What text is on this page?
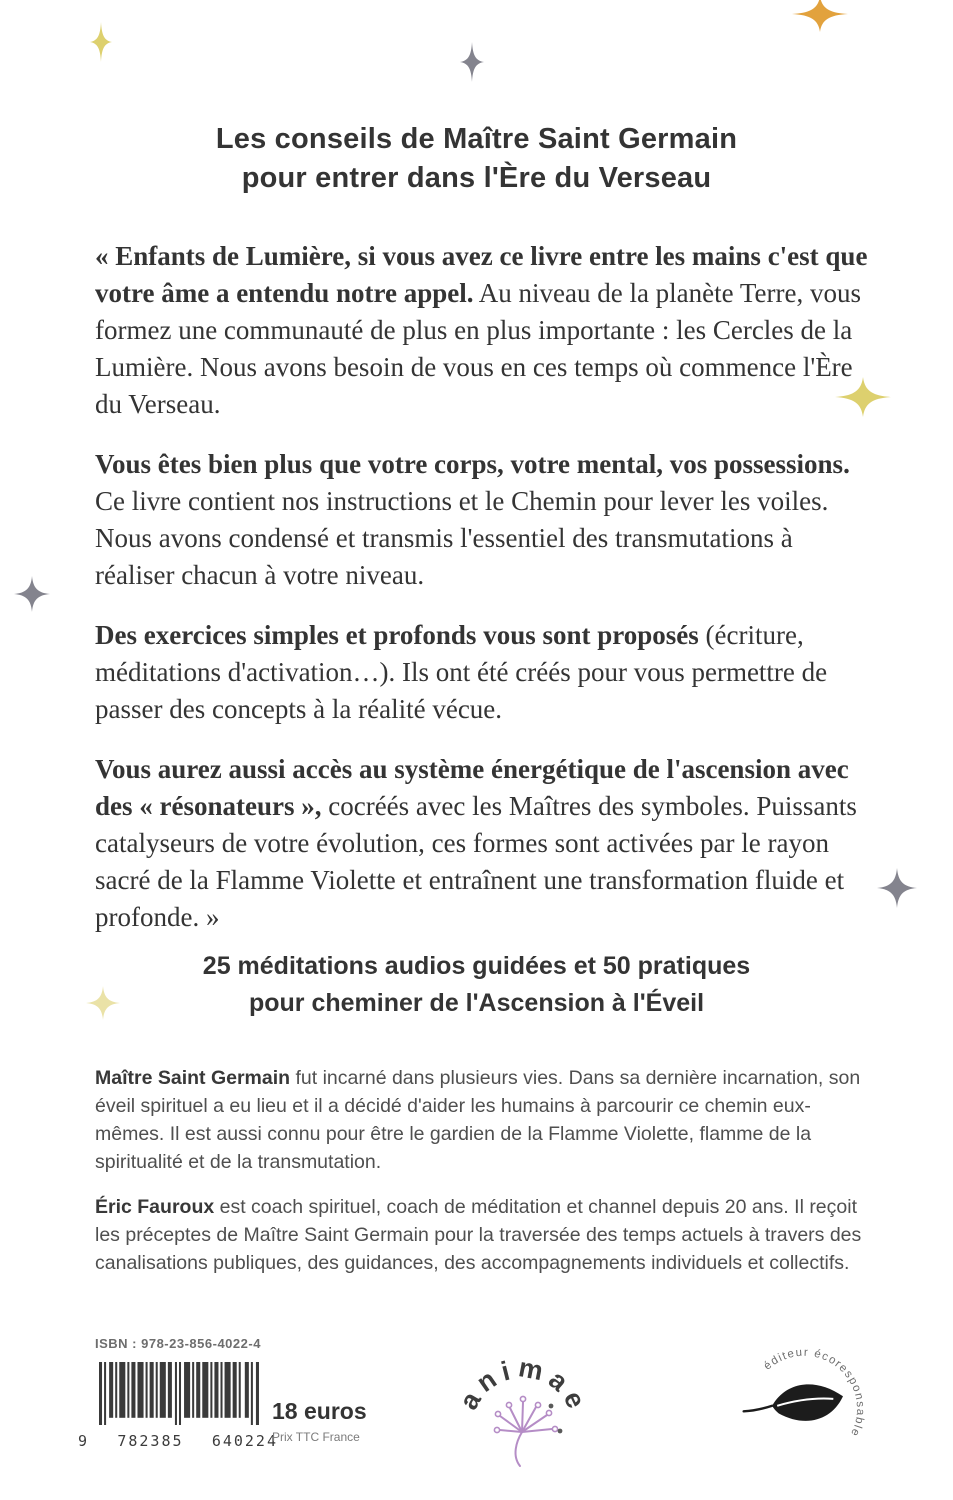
Les conseils de Maître Saint Germain
pour entrer dans l'Ère du Verseau

« Enfants de Lumière, si vous avez ce livre entre les mains c'est que votre âme a entendu notre appel. Au niveau de la planète Terre, vous formez une communauté de plus en plus importante : les Cercles de la Lumière. Nous avons besoin de vous en ces temps où commence l'Ère du Verseau.

Vous êtes bien plus que votre corps, votre mental, vos possessions. Ce livre contient nos instructions et le Chemin pour lever les voiles. Nous avons condensé et transmis l'essentiel des transmutations à réaliser chacun à votre niveau.

Des exercices simples et profonds vous sont proposés (écriture, méditations d'activation…). Ils ont été créés pour vous permettre de passer des concepts à la réalité vécue.

Vous aurez aussi accès au système énergétique de l'ascension avec des « résonateurs », cocréés avec les Maîtres des symboles. Puissants catalyseurs de votre évolution, ces formes sont activées par le rayon sacré de la Flamme Violette et entraînent une transformation fluide et profonde. »

25 méditations audios guidées et 50 pratiques
pour cheminer de l'Ascension à l'Éveil

Maître Saint Germain fut incarné dans plusieurs vies. Dans sa dernière incarnation, son éveil spirituel a eu lieu et il a décidé d'aider les humains à parcourir ce chemin eux-mêmes. Il est aussi connu pour être le gardien de la Flamme Violette, flamme de la spiritualité et de la transmutation.

Éric Fauroux est coach spirituel, coach de méditation et channel depuis 20 ans. Il reçoit les préceptes de Maître Saint Germain pour la traversée des temps actuels à travers des canalisations publiques, des guidances, des accompagnements individuels et collectifs.

ISBN : 978-23-856-4022-4
9 782385 640224
18 euros
Prix TTC France
animae
éditeur écoresponsable
